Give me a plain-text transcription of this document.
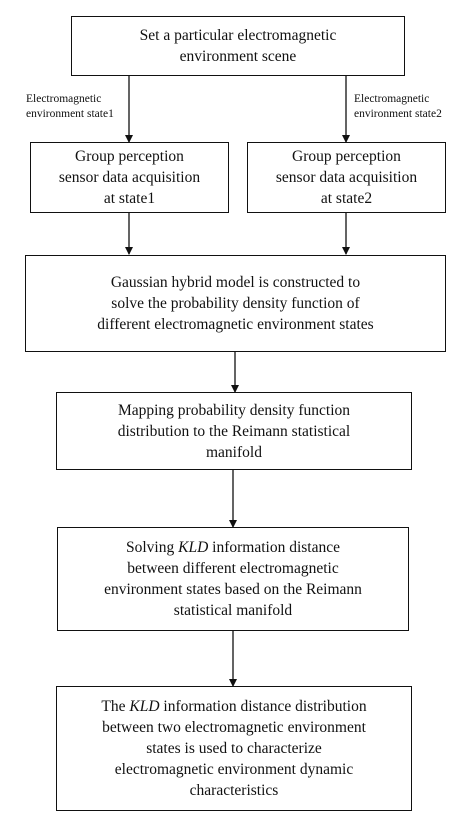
Set a particular electromagnetic
environment scene
Electromagnetic
environment state1
Electromagnetic
environment state2
Group perception
sensor data acquisition
at state1
Group perception
sensor data acquisition
at state2
Gaussian hybrid model is constructed to
solve the probability density function of
different electromagnetic environment states
Mapping probability density function
distribution to the Reimann statistical
manifold
Solving KLD information distance
between different electromagnetic
environment states based on the Reimann
statistical manifold
The KLD information distance distribution
between two electromagnetic environment
states is used to characterize
electromagnetic environment dynamic
characteristics
